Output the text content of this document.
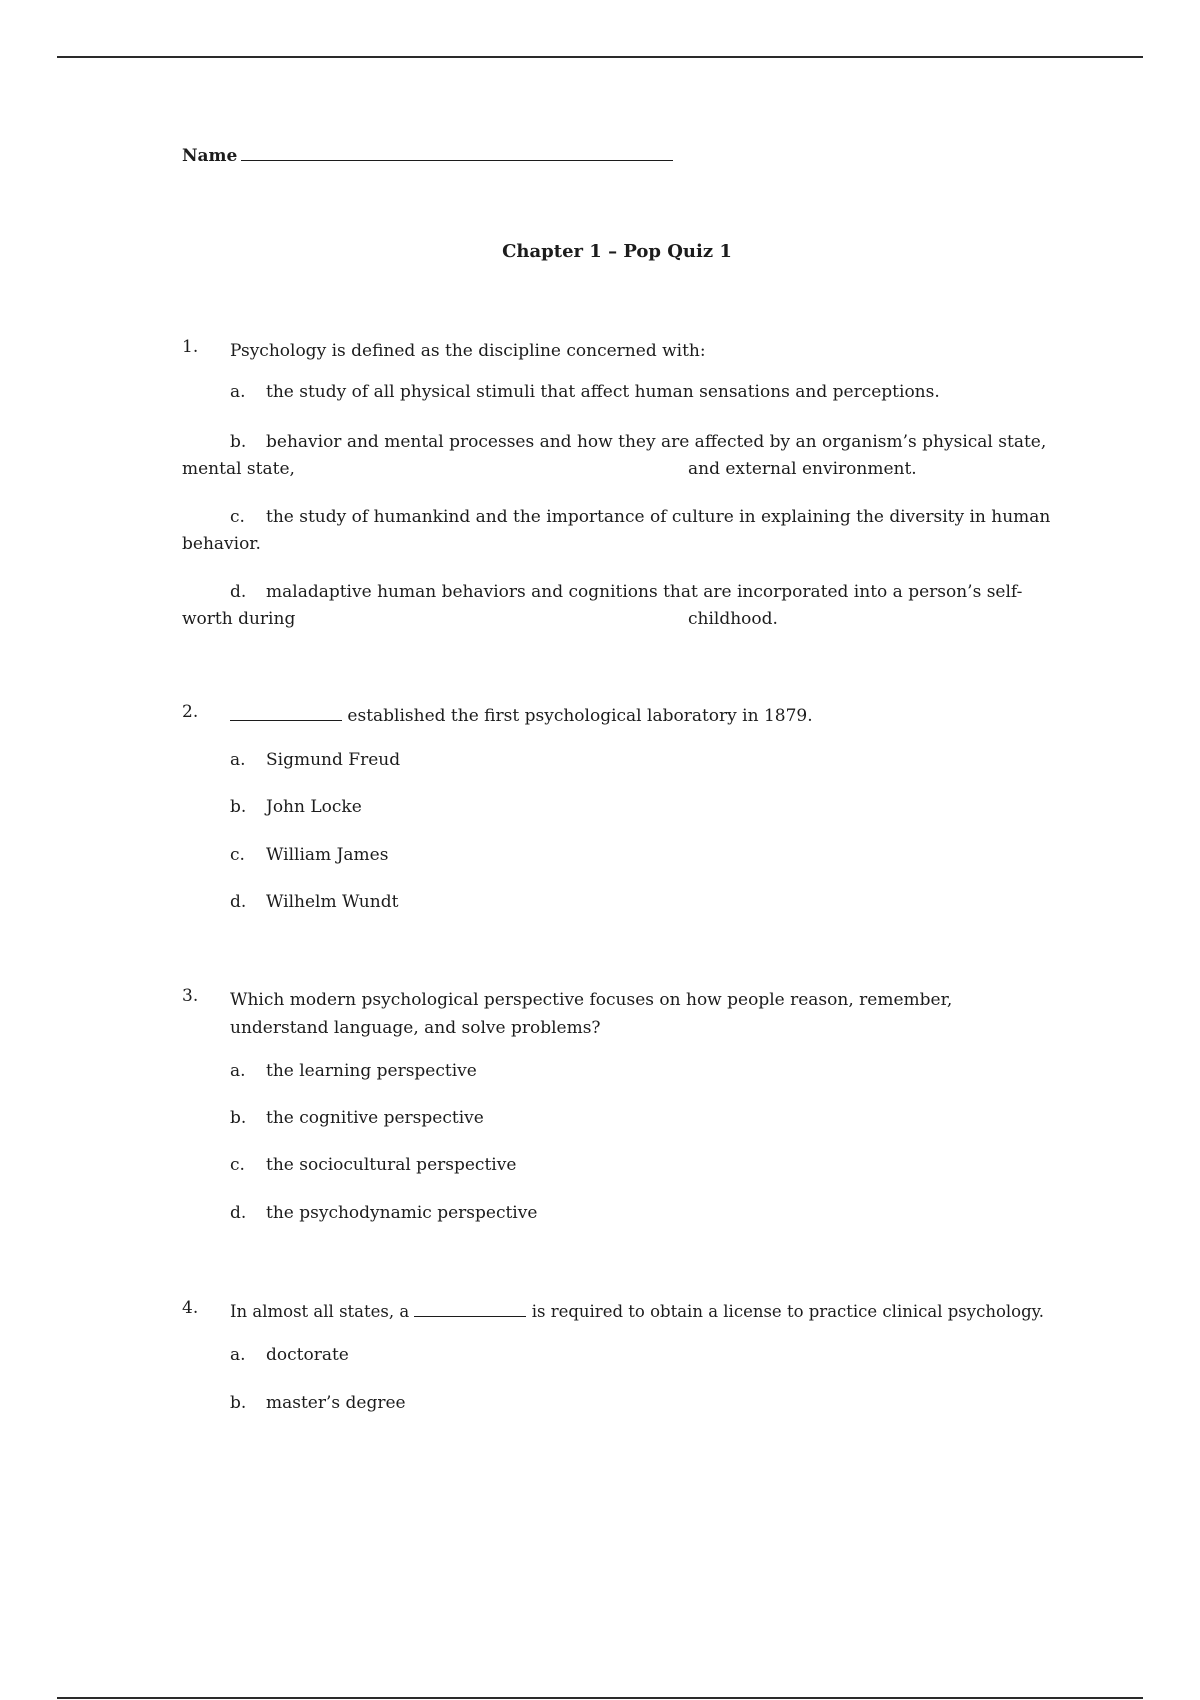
Name
Chapter 1 – Pop Quiz 1
1.	Psychology is defined as the discipline concerned with:
a.	the study of all physical stimuli that affect human sensations and perceptions.
b. behavior and mental processes and how they are affected by an organism’s physical state,
mental state,	and external environment.
c. the study of humankind and the importance of culture in explaining the diversity in human
behavior.
d. maladaptive human behaviors and cognitions that are incorporated into a person’s self-
worth during	childhood.
2.	established the first psychological laboratory in 1879.
a.	Sigmund Freud
b.	John Locke
c.	William James
d.	Wilhelm Wundt
3.	Which modern psychological perspective focuses on how people reason, remember,
understand language, and solve problems?
a.	the learning perspective
b.	the cognitive perspective
c.	the sociocultural perspective
d.	the psychodynamic perspective
4.	In almost all states, a	is required to obtain a license to practice clinical psychology.
a.	doctorate
b.	master’s degree
